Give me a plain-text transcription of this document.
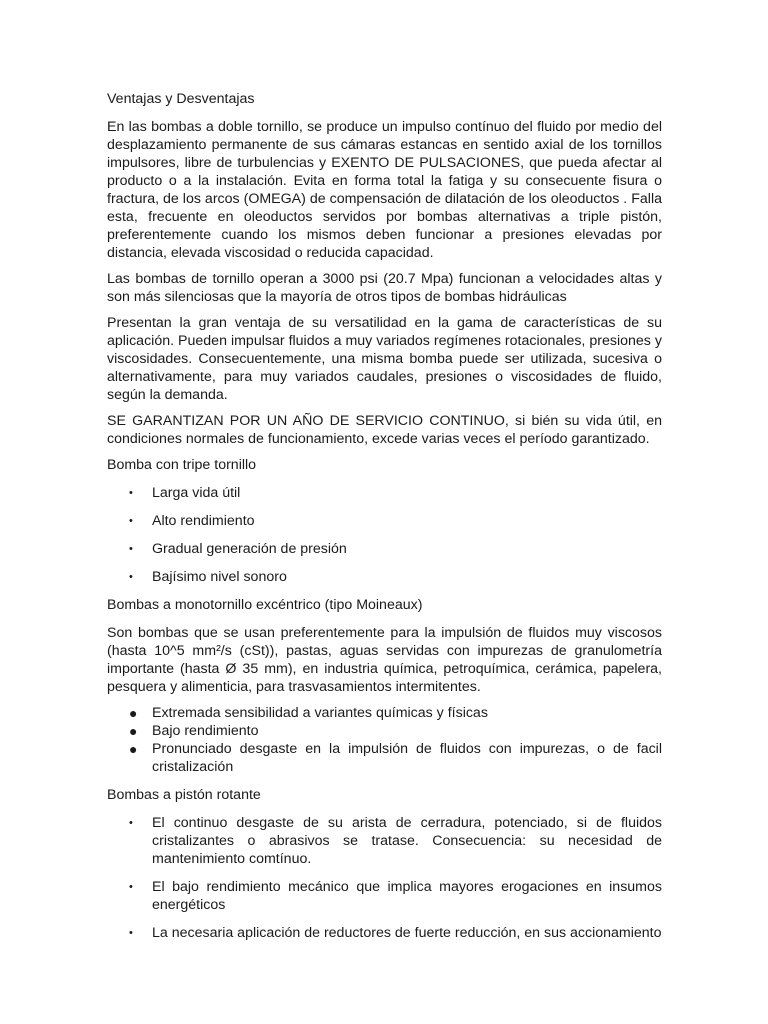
Ventajas y Desventajas

En las bombas a doble tornillo, se produce un impulso contínuo del fluido por medio del desplazamiento permanente de sus cámaras estancas en sentido axial de los tornillos impulsores, libre de turbulencias y EXENTO DE PULSACIONES, que pueda afectar al producto o a la instalación. Evita en forma total la fatiga y su consecuente fisura o fractura, de los arcos (OMEGA) de compensación de dilatación de los oleoductos . Falla esta, frecuente en oleoductos servidos por bombas alternativas a triple pistón, preferentemente cuando los mismos deben funcionar a presiones elevadas por distancia, elevada viscosidad o reducida capacidad.

Las bombas de tornillo operan a 3000 psi (20.7 Mpa) funcionan a velocidades altas y son más silenciosas que la mayoría de otros tipos de bombas hidráulicas

Presentan la gran ventaja de su versatilidad en la gama de características de su aplicación. Pueden impulsar fluidos a muy variados regímenes rotacionales, presiones y viscosidades. Consecuentemente, una misma bomba puede ser utilizada, sucesiva o alternativamente, para muy variados caudales, presiones o viscosidades de fluido, según la demanda.

SE GARANTIZAN POR UN AÑO DE SERVICIO CONTINUO, si bién su vida útil, en condiciones normales de funcionamiento, excede varias veces el período garantizado.

Bomba con tripe tornillo

• Larga vida útil
• Alto rendimiento
• Gradual generación de presión
• Bajísimo nivel sonoro

Bombas a monotornillo excéntrico (tipo Moineaux)

Son bombas que se usan preferentemente para la impulsión de fluidos muy viscosos (hasta 10^5 mm²/s (cSt)), pastas, aguas servidas con impurezas de granulometría importante (hasta Ø 35 mm), en industria química, petroquímica, cerámica, papelera, pesquera y alimenticia, para trasvasamientos intermitentes.

● Extremada sensibilidad a variantes químicas y físicas
● Bajo rendimiento
● Pronunciado desgaste en la impulsión de fluidos con impurezas, o de facil cristalización

Bombas a pistón rotante

• El continuo desgaste de su arista de cerradura, potenciado, si de fluidos cristalizantes o abrasivos se tratase. Consecuencia: su necesidad de mantenimiento comtínuo.
• El bajo rendimiento mecánico que implica mayores erogaciones en insumos energéticos
• La necesaria aplicación de reductores de fuerte reducción, en sus accionamiento
